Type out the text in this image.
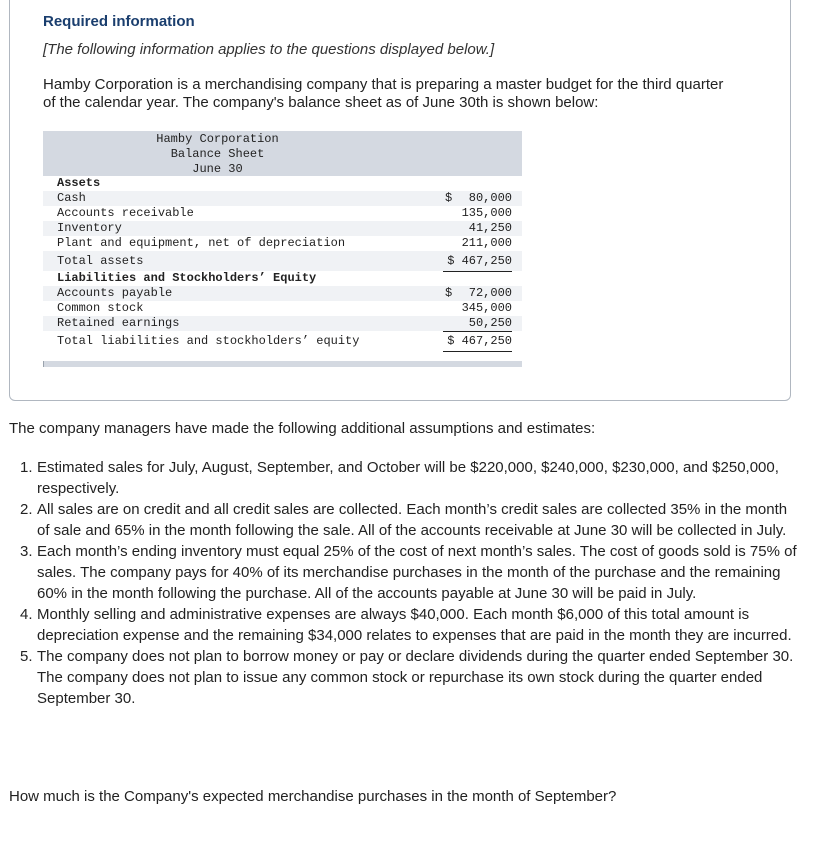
Required information
[The following information applies to the questions displayed below.]
Hamby Corporation is a merchandising company that is preparing a master budget for the third quarter of the calendar year. The company's balance sheet as of June 30th is shown below:
Hamby Corporation
Balance Sheet
June 30
Assets
Cash	$ 80,000
Accounts receivable	135,000
Inventory	41,250
Plant and equipment, net of depreciation	211,000
Total assets	$ 467,250
Liabilities and Stockholders’ Equity
Accounts payable	$ 72,000
Common stock	345,000
Retained earnings	50,250
Total liabilities and stockholders’ equity	$ 467,250
The company managers have made the following additional assumptions and estimates:
1. Estimated sales for July, August, September, and October will be $220,000, $240,000, $230,000, and $250,000, respectively.
2. All sales are on credit and all credit sales are collected. Each month’s credit sales are collected 35% in the month of sale and 65% in the month following the sale. All of the accounts receivable at June 30 will be collected in July.
3. Each month’s ending inventory must equal 25% of the cost of next month’s sales. The cost of goods sold is 75% of sales. The company pays for 40% of its merchandise purchases in the month of the purchase and the remaining 60% in the month following the purchase. All of the accounts payable at June 30 will be paid in July.
4. Monthly selling and administrative expenses are always $40,000. Each month $6,000 of this total amount is depreciation expense and the remaining $34,000 relates to expenses that are paid in the month they are incurred.
5. The company does not plan to borrow money or pay or declare dividends during the quarter ended September 30. The company does not plan to issue any common stock or repurchase its own stock during the quarter ended September 30.
How much is the Company's expected merchandise purchases in the month of September?
